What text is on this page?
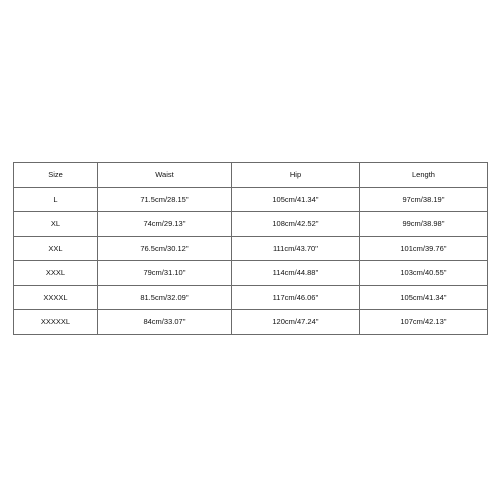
Size	Waist	Hip	Length
L	71.5cm/28.15''	105cm/41.34''	97cm/38.19''
XL	74cm/29.13''	108cm/42.52''	99cm/38.98''
XXL	76.5cm/30.12''	111cm/43.70''	101cm/39.76''
XXXL	79cm/31.10''	114cm/44.88''	103cm/40.55''
XXXXL	81.5cm/32.09''	117cm/46.06''	105cm/41.34''
XXXXXL	84cm/33.07''	120cm/47.24''	107cm/42.13''
